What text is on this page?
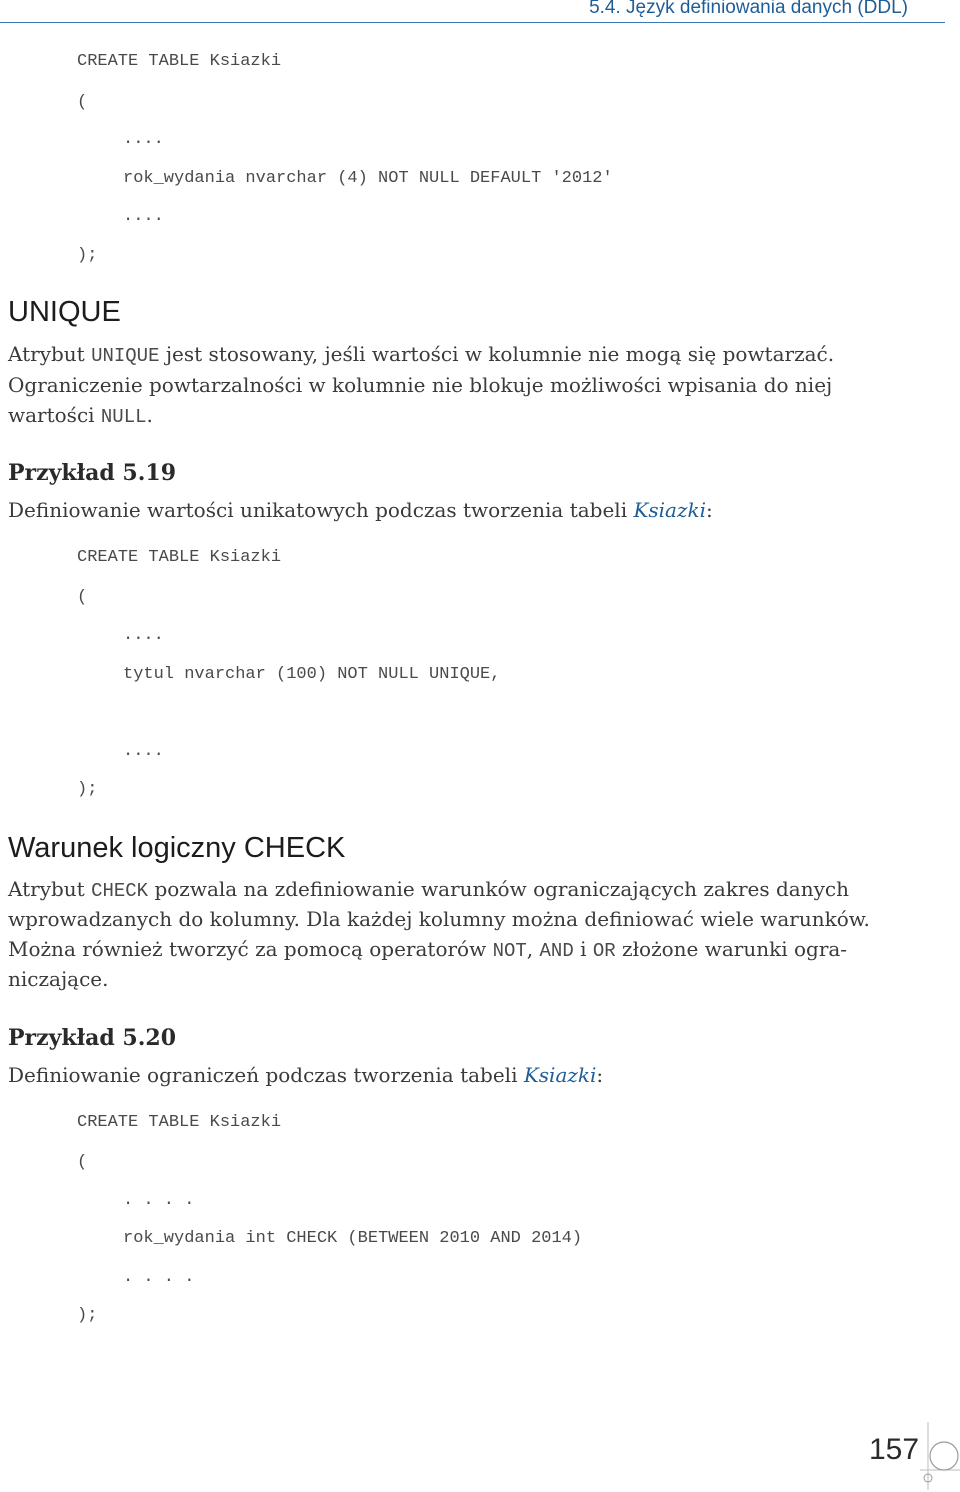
5.4. Język definiowania danych (DDL)
CREATE TABLE Ksiazki
(
....
rok_wydania nvarchar (4) NOT NULL DEFAULT '2012'
....
);
UNIQUE
Atrybut UNIQUE jest stosowany, jeśli wartości w kolumnie nie mogą się powtarzać.
Ograniczenie powtarzalności w kolumnie nie blokuje możliwości wpisania do niej
wartości NULL.
Przykład 5.19
Definiowanie wartości unikatowych podczas tworzenia tabeli Ksiazki:
CREATE TABLE Ksiazki
(
....
tytul nvarchar (100) NOT NULL UNIQUE,
....
);
Warunek logiczny CHECK
Atrybut CHECK pozwala na zdefiniowanie warunków ograniczających zakres danych
wprowadzanych do kolumny. Dla każdej kolumny można definiować wiele warunków.
Można również tworzyć za pomocą operatorów NOT, AND i OR złożone warunki ogra-
niczające.
Przykład 5.20
Definiowanie ograniczeń podczas tworzenia tabeli Ksiazki:
CREATE TABLE Ksiazki
(
. . . .
rok_wydania int CHECK (BETWEEN 2010 AND 2014)
. . . .
);
157
